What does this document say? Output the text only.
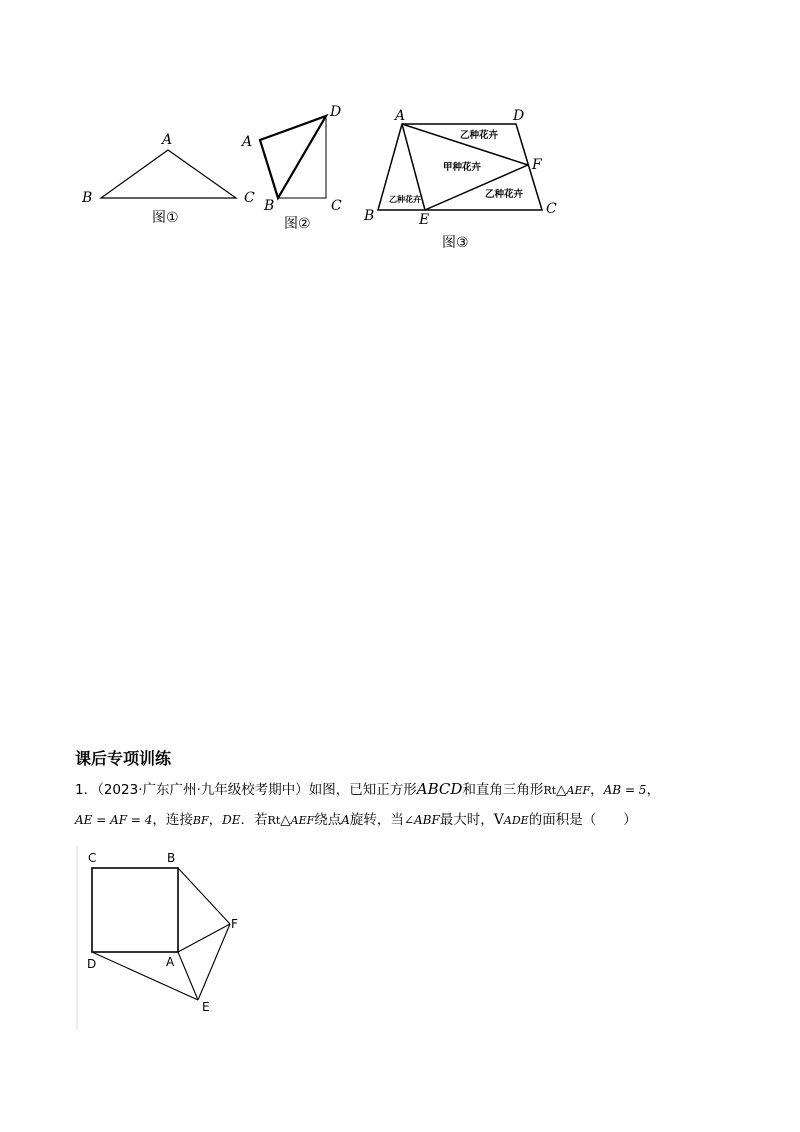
A
B	C
图①
A
B	C
D
图②
乙种花卉
甲种花卉
乙种花卉	乙种花卉
A	D
F
B	E
C
图③
课后专项训练
1．（2023·广东广州·九年级校考期中）如图，已知正方形ABCD和直角三角形Rt△AEF，AB = 5，
AE = AF = 4，连接BF，DE．若Rt△AEF绕点A旋转，当∠ABF最大时，VADE的面积是（　　）
C	B
F
D	A
E
